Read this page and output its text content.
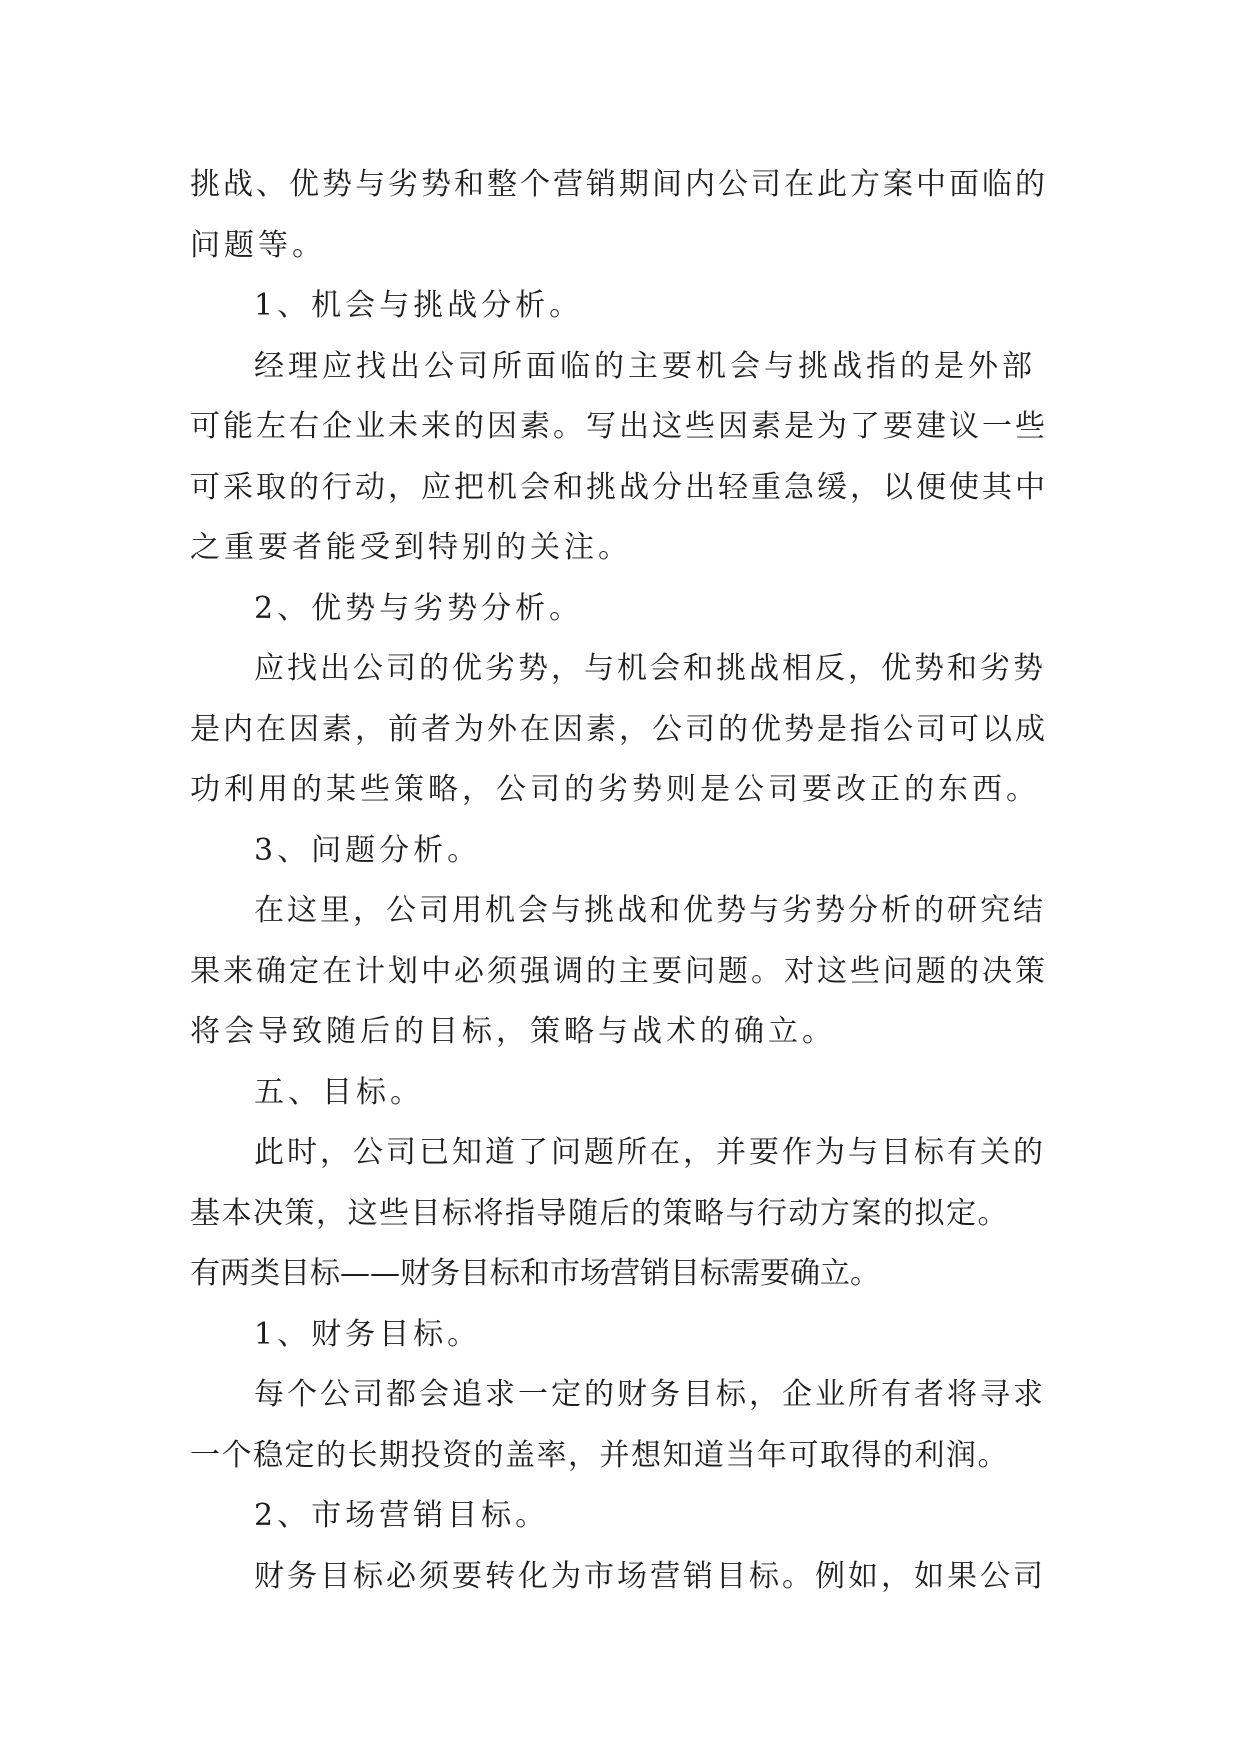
挑战、优势与劣势和整个营销期间内公司在此方案中面临的
问题等。
1、机会与挑战分析。
经理应找出公司所面临的主要机会与挑战指的是外部
可能左右企业未来的因素。写出这些因素是为了要建议一些
可采取的行动，应把机会和挑战分出轻重急缓，以便使其中
之重要者能受到特别的关注。
2、优势与劣势分析。
应找出公司的优劣势，与机会和挑战相反，优势和劣势
是内在因素，前者为外在因素，公司的优势是指公司可以成
功利用的某些策略，公司的劣势则是公司要改正的东西。
3、问题分析。
在这里，公司用机会与挑战和优势与劣势分析的研究结
果来确定在计划中必须强调的主要问题。对这些问题的决策
将会导致随后的目标，策略与战术的确立。
五、目标。
此时，公司已知道了问题所在，并要作为与目标有关的
基本决策，这些目标将指导随后的策略与行动方案的拟定。
有两类目标——财务目标和市场营销目标需要确立。
1、财务目标。
每个公司都会追求一定的财务目标，企业所有者将寻求
一个稳定的长期投资的盖率，并想知道当年可取得的利润。
2、市场营销目标。
财务目标必须要转化为市场营销目标。例如，如果公司
